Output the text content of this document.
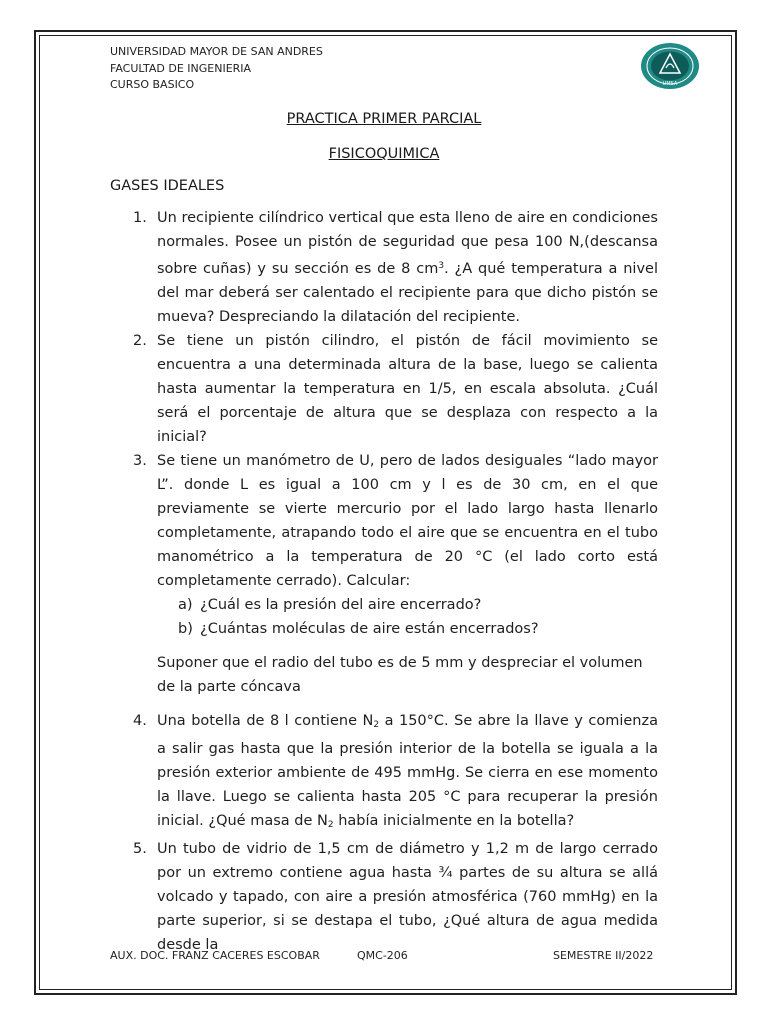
UNIVERSIDAD MAYOR DE SAN ANDRES
FACULTAD DE INGENIERIA
CURSO BASICO	UMSA
PRACTICA PRIMER PARCIAL
FISICOQUIMICA
GASES IDEALES
1. Un recipiente cilíndrico vertical que esta lleno de aire en condiciones normales. Posee un pistón de seguridad que pesa 100 N,(descansa sobre cuñas) y su sección es de 8 $cm^3$. ¿A qué temperatura a nivel del mar deberá ser calentado el recipiente para que dicho pistón se mueva? Despreciando la dilatación del recipiente.
2. Se tiene un pistón cilindro, el pistón de fácil movimiento se encuentra a una determinada altura de la base, luego se calienta hasta aumentar la temperatura en 1/5, en escala absoluta. ¿Cuál será el porcentaje de altura que se desplaza con respecto a la inicial?
3. Se tiene un manómetro de U, pero de lados desiguales “lado mayor L”. donde L es igual a 100 cm y l es de 30 cm, en el que previamente se vierte mercurio por el lado largo hasta llenarlo completamente, atrapando todo el aire que se encuentra en el tubo manométrico a la temperatura de 20 °C (el lado corto está completamente cerrado). Calcular:
a) ¿Cuál es la presión del aire encerrado?
b) ¿Cuántas moléculas de aire están encerrados?
Suponer que el radio del tubo es de 5 mm y despreciar el volumen de la parte cóncava
4. Una botella de 8 l contiene $N_2$ a 150°C. Se abre la llave y comienza a salir gas hasta que la presión interior de la botella se iguala a la presión exterior ambiente de 495 mmHg. Se cierra en ese momento la llave. Luego se calienta hasta 205 °C para recuperar la presión inicial. ¿Qué masa de $N_2$ había inicialmente en la botella?
5. Un tubo de vidrio de 1,5 cm de diámetro y 1,2 m de largo cerrado por un extremo contiene agua hasta ¾ partes de su altura se allá volcado y tapado, con aire a presión atmosférica (760 mmHg) en la parte superior, si se destapa el tubo, ¿Qué altura de agua medida desde la
AUX. DOC. FRANZ CACERES ESCOBAR	QMC-206	SEMESTRE II/2022
